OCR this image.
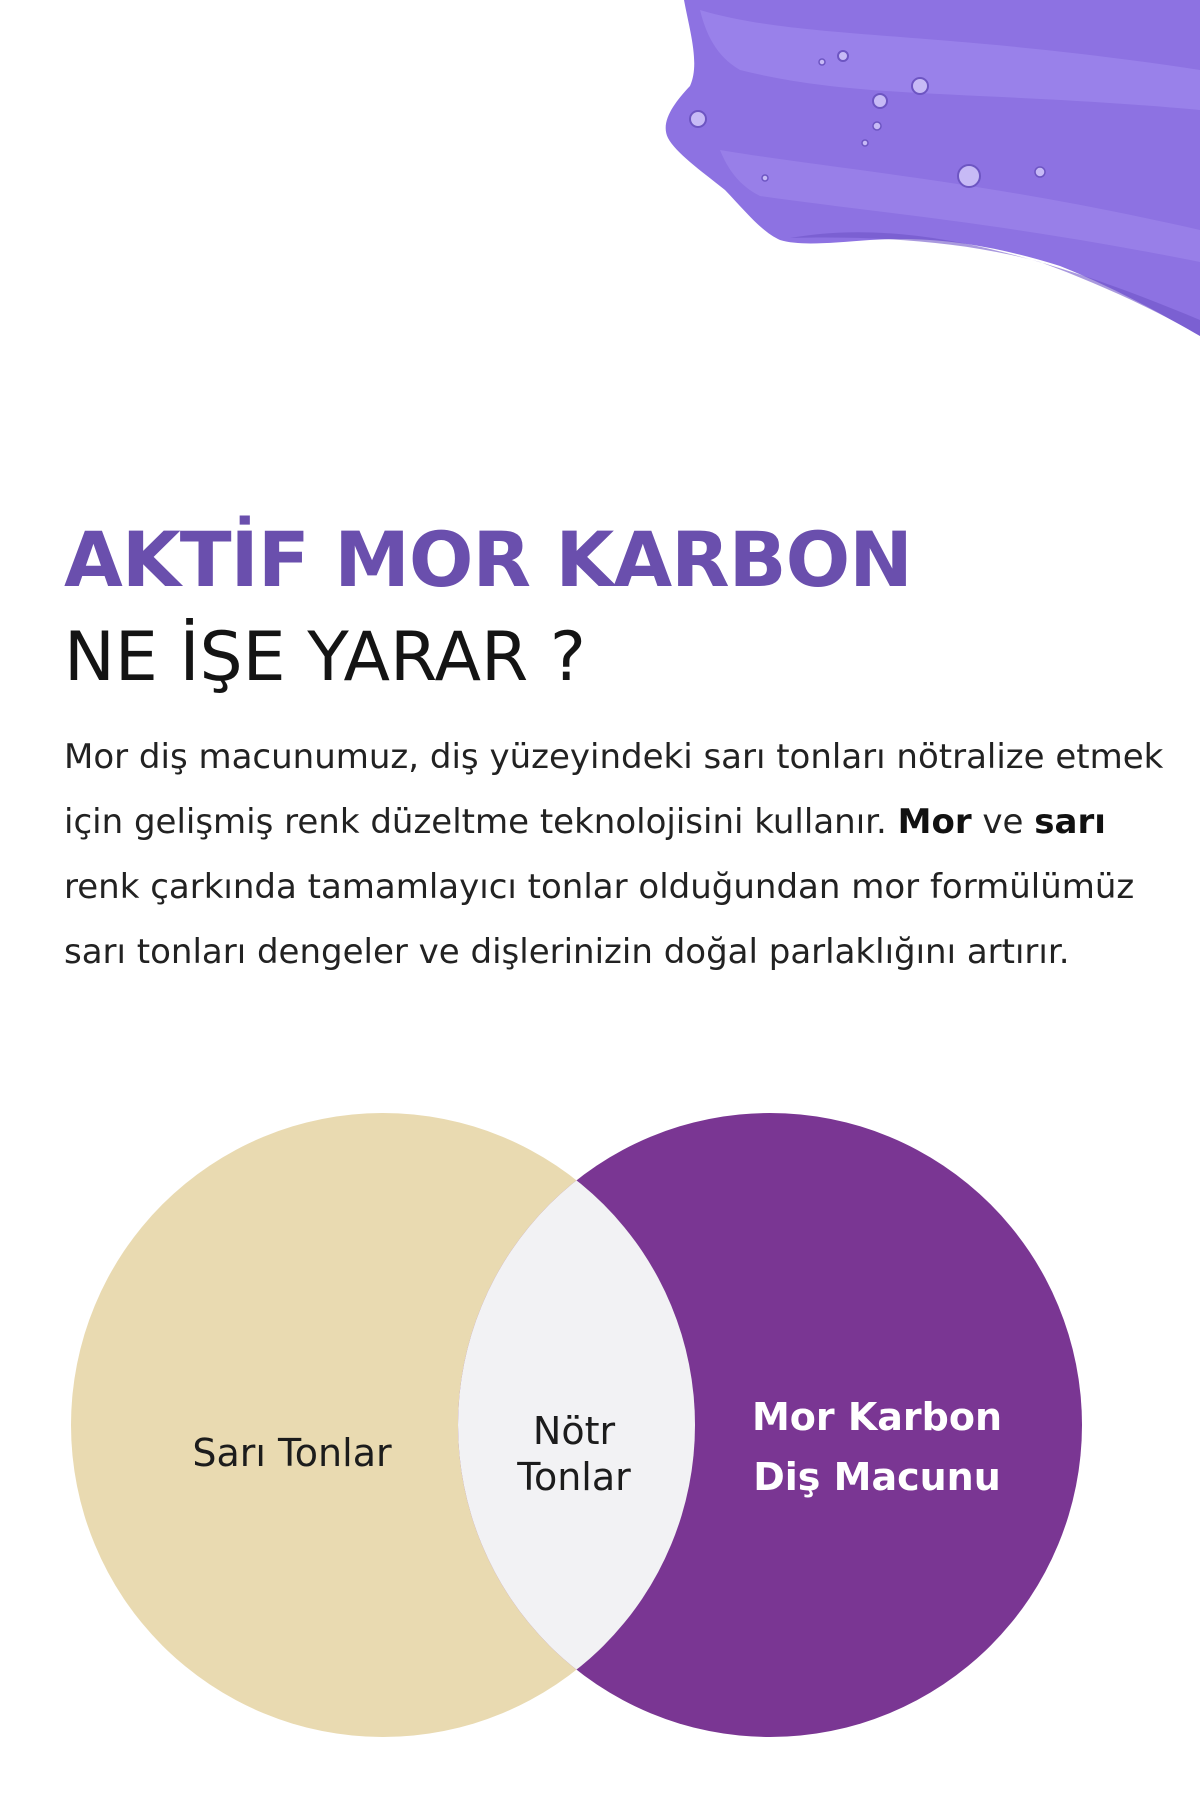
AKTİF MOR KARBON
NE İŞE YARAR ?

Mor diş macunumuz, diş yüzeyindeki sarı tonları nötralize etmek için gelişmiş renk düzeltme teknolojisini kullanır. Mor ve sarı renk çarkında tamamlayıcı tonlar olduğundan mor formülümüz sarı tonları dengeler ve dişlerinizin doğal parlaklığını artırır.

Sarı Tonlar	Nötr
Tonlar
Mor Karbon
Diş Macunu
